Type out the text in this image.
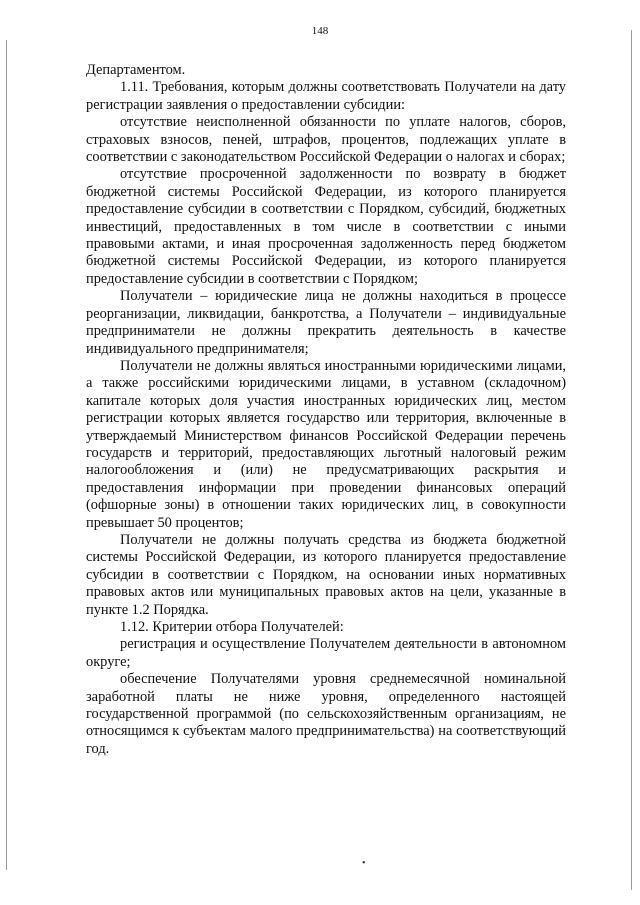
148

Департаментом.

1.11. Требования, которым должны соответствовать Получатели на дату регистрации заявления о предоставлении субсидии:

отсутствие неисполненной обязанности по уплате налогов, сборов, страховых взносов, пеней, штрафов, процентов, подлежащих уплате в соответствии с законодательством Российской Федерации о налогах и сборах;

отсутствие просроченной задолженности по возврату в бюджет бюджетной системы Российской Федерации, из которого планируется предоставление субсидии в соответствии с Порядком, субсидий, бюджетных инвестиций, предоставленных в том числе в соответствии с иными правовыми актами, и иная просроченная задолженность перед бюджетом бюджетной системы Российской Федерации, из которого планируется предоставление субсидии в соответствии с Порядком;

Получатели – юридические лица не должны находиться в процессе реорганизации, ликвидации, банкротства, а Получатели – индивидуальные предприниматели не должны прекратить деятельность в качестве индивидуального предпринимателя;

Получатели не должны являться иностранными юридическими лицами, а также российскими юридическими лицами, в уставном (складочном) капитале которых доля участия иностранных юридических лиц, местом регистрации которых является государство или территория, включенные в утверждаемый Министерством финансов Российской Федерации перечень государств и территорий, предоставляющих льготный налоговый режим налогообложения и (или) не предусматривающих раскрытия и предоставления информации при проведении финансовых операций (офшорные зоны) в отношении таких юридических лиц, в совокупности превышает 50 процентов;

Получатели не должны получать средства из бюджета бюджетной системы Российской Федерации, из которого планируется предоставление субсидии в соответствии с Порядком, на основании иных нормативных правовых актов или муниципальных правовых актов на цели, указанные в пункте 1.2 Порядка.

1.12. Критерии отбора Получателей:

регистрация и осуществление Получателем деятельности в автономном округе;

обеспечение Получателями уровня среднемесячной номинальной заработной платы не ниже уровня, определенного настоящей государственной программой (по сельскохозяйственным организациям, не относящимся к субъектам малого предпринимательства) на соответствующий год.

•
